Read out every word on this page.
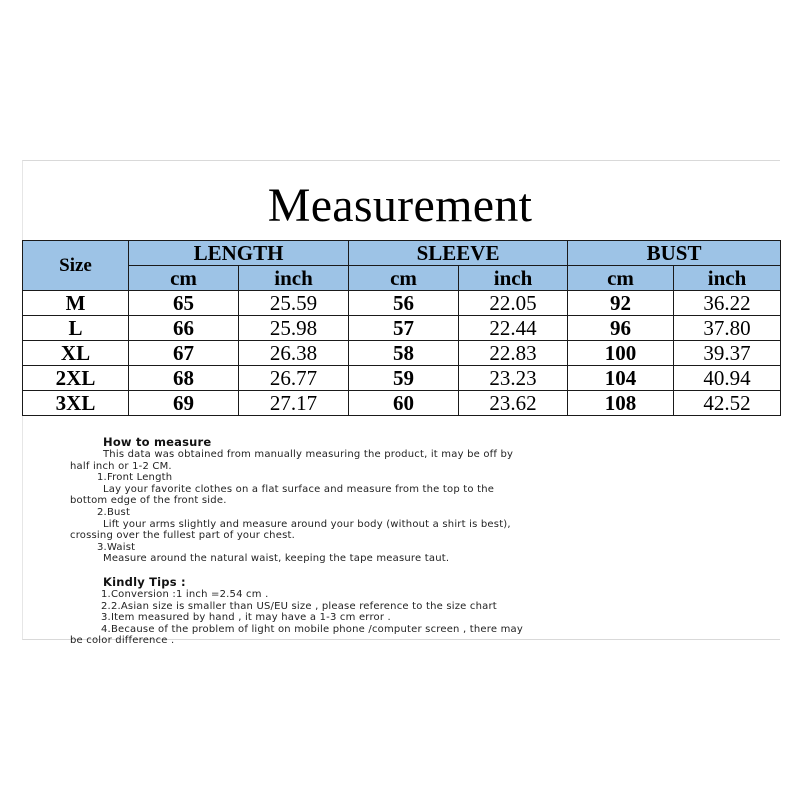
Measurement
Size	LENGTH		SLEEVE		BUST	
	cm	inch	cm	inch	cm	inch
M	65	25.59	56	22.05	92	36.22
L	66	25.98	57	22.44	96	37.80
XL	67	26.38	58	22.83	100	39.37
2XL	68	26.77	59	23.23	104	40.94
3XL	69	27.17	60	23.62	108	42.52
How to measure
This data was obtained from manually measuring the product, it may be off by
half inch or 1-2 CM.
1.Front Length
Lay your favorite clothes on a flat surface and measure from the top to the
bottom edge of the front side.
2.Bust
Lift your arms slightly and measure around your body (without a shirt is best),
crossing over the fullest part of your chest.
3.Waist
Measure around the natural waist, keeping the tape measure taut.
Kindly Tips :
1.Conversion :1 inch =2.54 cm .
2.2.Asian size is smaller than US/EU size , please reference to the size chart
3.Item measured by hand , it may have a 1-3 cm error .
4.Because of the problem of light on mobile phone /computer screen , there may
be color difference .
